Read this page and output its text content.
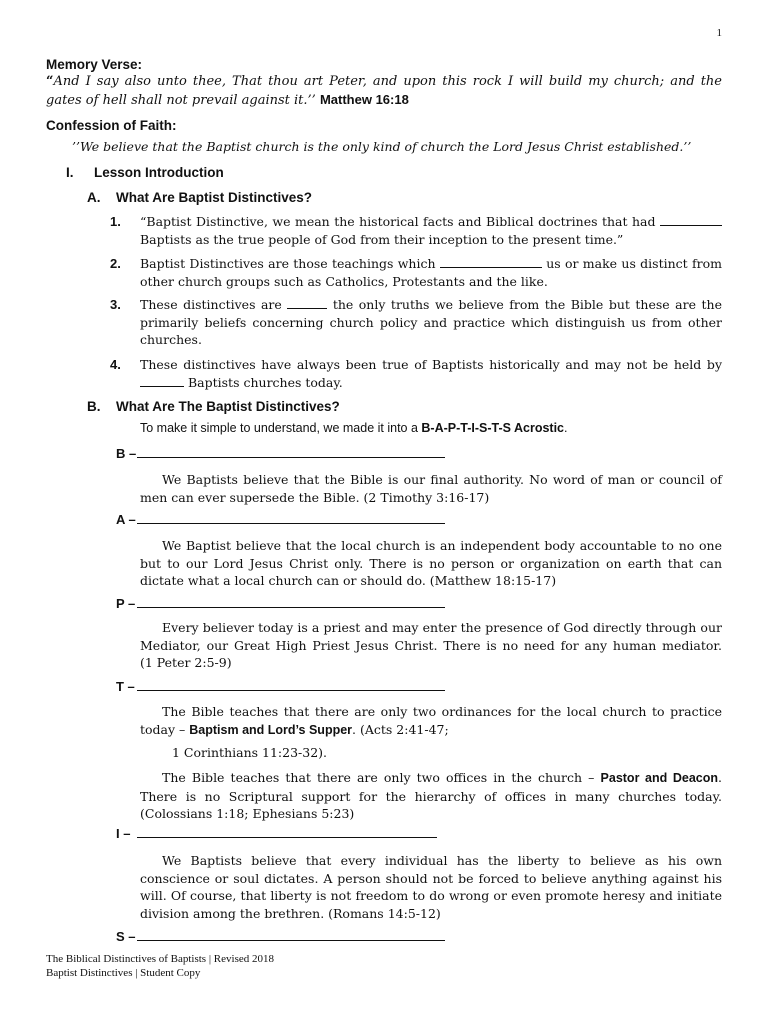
1
Memory Verse:
“And I say also unto thee, That thou art Peter, and upon this rock I will build my church; and the gates of hell shall not prevail against it.’’ Matthew 16:18
Confession of Faith:
’’We believe that the Baptist church is the only kind of church the Lord Jesus Christ established.’’
I. Lesson Introduction
A. What Are Baptist Distinctives?
1. “Baptist Distinctive, we mean the historical facts and Biblical doctrines that had  Baptists as the true people of God from their inception to the present time.”
2. Baptist Distinctives are those teachings which	us or make us distinct from other church groups such as Catholics, Protestants and the like.
3. These distinctives are	the only truths we believe from the Bible but these are the primarily beliefs concerning church policy and practice which distinguish us from other churches.
4. These distinctives have always been true of Baptists historically and may not be held by  Baptists churches today.
B. What Are The Baptist Distinctives?
To make it simple to understand, we made it into a B-A-P-T-I-S-T-S Acrostic.
B –
We Baptists believe that the Bible is our final authority. No word of man or council of men can ever supersede the Bible. (2 Timothy 3:16-17)
A –
We Baptist believe that the local church is an independent body accountable to no one but to our Lord Jesus Christ only. There is no person or organization on earth that can dictate what a local church can or should do. (Matthew 18:15-17)
P –
Every believer today is a priest and may enter the presence of God directly through our Mediator, our Great High Priest Jesus Christ. There is no need for any human mediator.        (1 Peter 2:5-9)
T –
The Bible teaches that there are only two ordinances for the local church to practice today – Baptism and Lord’s Supper. (Acts 2:41-47;
1 Corinthians 11:23-32).
The Bible teaches that there are only two offices in the church – Pastor and Deacon. There is no Scriptural support for the hierarchy of offices in many churches today. (Colossians 1:18; Ephesians 5:23)
I –
We Baptists believe that every individual has the liberty to believe as his own conscience or soul dictates. A person should not be forced to believe anything against his will. Of course, that liberty is not freedom to do wrong or even promote heresy and initiate division among the brethren. (Romans 14:5-12)
S –
The Biblical Distinctives of Baptists | Revised 2018
Baptist Distinctives | Student Copy
